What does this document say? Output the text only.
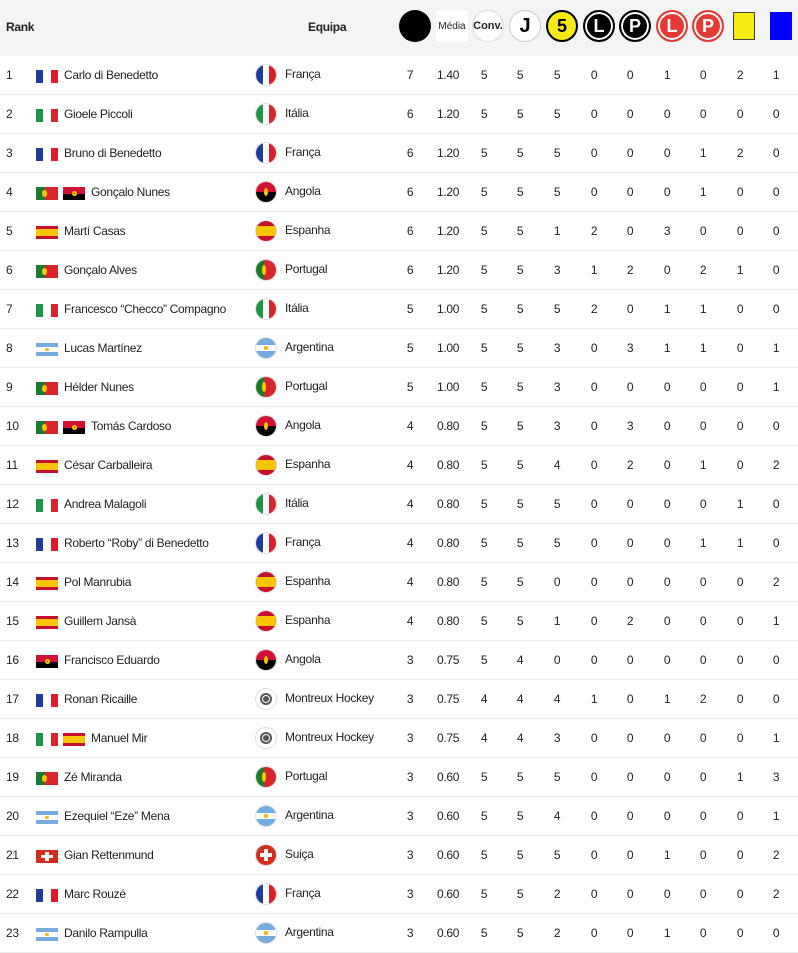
Rank	Equipa	Média Conv. J 5 L P L P
1	Carlo di Benedetto	França	7	1.40	5	5	5	0	0	1	0	2	1
2	Gioele Piccoli	Itália	6	1.20	5	5	5	0	0	0	0	0	0
3	Bruno di Benedetto	França	6	1.20	5	5	5	0	0	0	1	2	0
4	Gonçalo Nunes	Angola	6	1.20	5	5	5	0	0	0	1	0	0
5	Martí Casas	Espanha	6	1.20	5	5	1	2	0	3	0	0	0
6	Gonçalo Alves	Portugal	6	1.20	5	5	3	1	2	0	2	1	0
7	Francesco “Checco” Compagno	Itália	5	1.00	5	5	5	2	0	1	1	0	0
8	Lucas Martínez	Argentina	5	1.00	5	5	3	0	3	1	1	0	1
9	Hélder Nunes	Portugal	5	1.00	5	5	3	0	0	0	0	0	1
10	Tomás Cardoso	Angola	4	0.80	5	5	3	0	3	0	0	0	0
11	César Carballeira	Espanha	4	0.80	5	5	4	0	2	0	1	0	2
12	Andrea Malagoli	Itália	4	0.80	5	5	5	0	0	0	0	1	0
13	Roberto “Roby” di Benedetto	França	4	0.80	5	5	5	0	0	0	1	1	0
14	Pol Manrubia	Espanha	4	0.80	5	5	0	0	0	0	0	0	2
15	Guillem Jansà	Espanha	4	0.80	5	5	1	0	2	0	0	0	1
16	Francisco Eduardo	Angola	3	0.75	5	4	0	0	0	0	0	0	0
17	Ronan Ricaille	Montreux Hockey	3	0.75	4	4	4	1	0	1	2	0	0
18	Manuel Mir	Montreux Hockey	3	0.75	4	4	3	0	0	0	0	0	1
19	Zé Miranda	Portugal	3	0.60	5	5	5	0	0	0	0	1	3
20	Ezequiel “Eze” Mena	Argentina	3	0.60	5	5	4	0	0	0	0	0	1
21	Gian Rettenmund	Suiça	3	0.60	5	5	5	0	0	1	0	0	2
22	Marc Rouzé	França	3	0.60	5	5	2	0	0	0	0	0	2
23	Danilo Rampulla	Argentina	3	0.60	5	5	2	0	0	1	0	0	0
